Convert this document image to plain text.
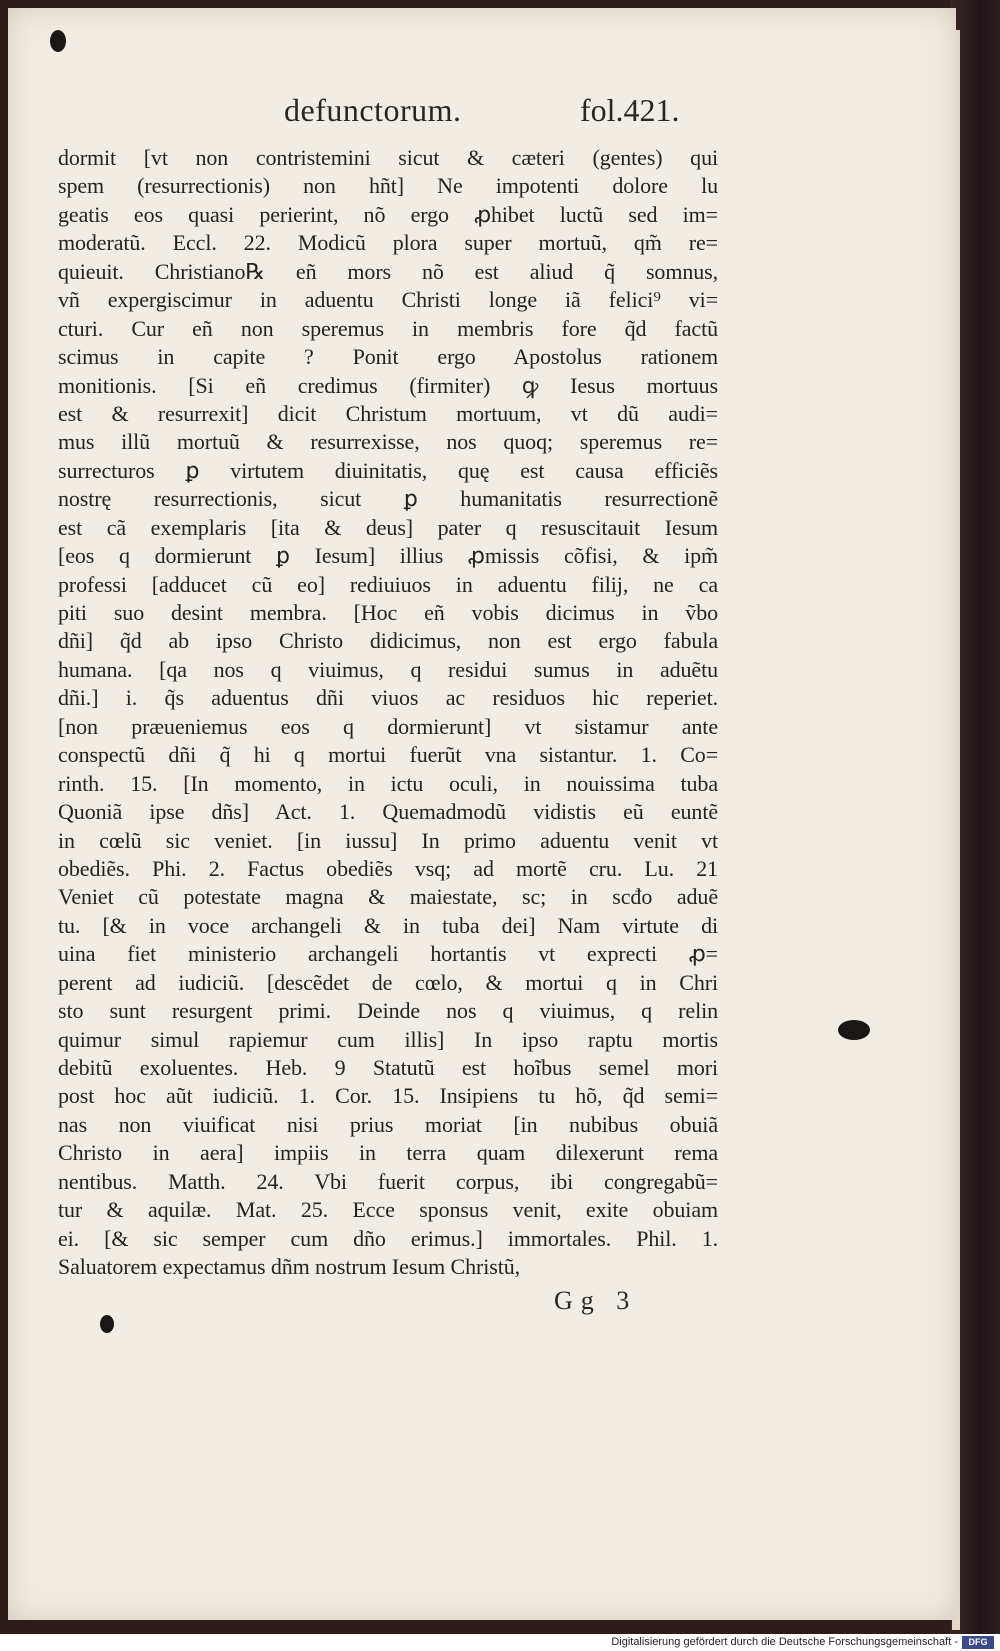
defunctorum.	fol.421.
dormit [vt non contristemini sicut & cæteri (gentes) qui
spem (resurrectionis) non hñt] Ne impotenti dolore lu
geatis eos quasi perierint, nõ ergo ꝓhibet luctũ sed im=
moderatũ. Eccl. 22. Modicũ plora super mortuũ, qm̃ re=
quieuit. Christiano℞ eñ mors nõ est aliud q̃ somnus,
vñ expergiscimur in aduentu Christi longe iã felici⁹ vi=
cturi. Cur eñ non speremus in membris fore q̃d factũ
scimus in capite ? Ponit ergo Apostolus rationem
monitionis. [Si eñ credimus (firmiter) ꝙ Iesus mortuus
est & resurrexit] dicit Christum mortuum, vt dũ audi=
mus illũ mortuũ & resurrexisse, nos quoq; speremus re=
surrecturos ꝑ virtutem diuinitatis, quę est causa efficiẽs
nostrę resurrectionis, sicut ꝑ humanitatis resurrectionẽ
est cã exemplaris [ita & deus] pater q resuscitauit Iesum
[eos q dormierunt ꝑ Iesum] illius ꝓmissis cõfisi, & ipm̃
professi [adducet cũ eo] rediuiuos in aduentu filij, ne ca
piti suo desint membra. [Hoc eñ vobis dicimus in ṽbo
dñi] q̃d ab ipso Christo didicimus, non est ergo fabula
humana. [qa nos q viuimus, q residui sumus in aduẽtu
dñi.] i. q̃s aduentus dñi viuos ac residuos hic reperiet.
[non præueniemus eos q dormierunt] vt sistamur ante
conspectũ dñi q̃ hi q mortui fuerũt vna sistantur. 1. Co=
rinth. 15. [In momento, in ictu oculi, in nouissima tuba
Quoniã ipse dñs] Act. 1. Quemadmodũ vidistis eũ euntẽ
in cœlũ sic veniet. [in iussu] In primo aduentu venit vt
obediẽs. Phi. 2. Factus obediẽs vsq; ad mortẽ cru. Lu. 21
Veniet cũ potestate magna & maiestate, sc; in scđo aduẽ
tu. [& in voce archangeli & in tuba dei] Nam virtute di
uina fiet ministerio archangeli hortantis vt exprecti ꝓ=
perent ad iudiciũ. [descẽdet de cœlo, & mortui q in Chri
sto sunt resurgent primi. Deinde nos q viuimus, q relin
quimur simul rapiemur cum illis] In ipso raptu mortis
debitũ exoluentes. Heb. 9 Statutũ est hoĩbus semel mori
post hoc aũt iudiciũ. 1. Cor. 15. Insipiens tu hõ, q̃d semi=
nas non viuificat nisi prius moriat [in nubibus obuiã
Christo in aera] impiis in terra quam dilexerunt rema
nentibus. Matth. 24. Vbi fuerit corpus, ibi congregabũ=
tur & aquilæ. Mat. 25. Ecce sponsus venit, exite obuiam
ei. [& sic semper cum dño erimus.] immortales. Phil. 1.
Saluatorem expectamus dñm nostrum Iesum Christũ,
Gg 3
Digitalisierung gefördert durch die Deutsche Forschungsgemeinschaft -	DFG
